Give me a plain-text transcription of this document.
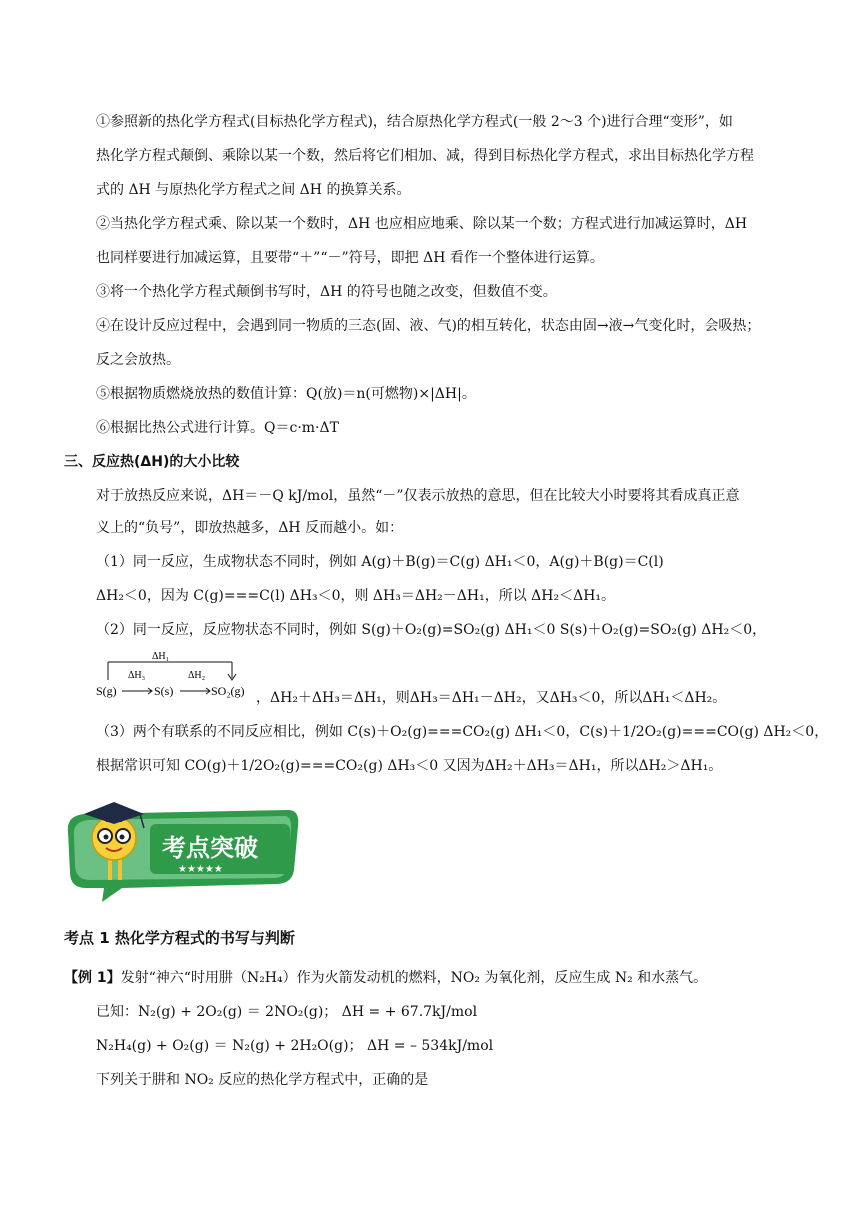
①参照新的热化学方程式(目标热化学方程式)，结合原热化学方程式(一般 2～3 个)进行合理“变形”，如
热化学方程式颠倒、乘除以某一个数，然后将它们相加、减，得到目标热化学方程式，求出目标热化学方程
式的 ΔH 与原热化学方程式之间 ΔH 的换算关系。
②当热化学方程式乘、除以某一个数时，ΔH 也应相应地乘、除以某一个数；方程式进行加减运算时，ΔH
也同样要进行加减运算，且要带“＋”“－”符号，即把 ΔH 看作一个整体进行运算。
③将一个热化学方程式颠倒书写时，ΔH 的符号也随之改变，但数值不变。
④在设计反应过程中，会遇到同一物质的三态(固、液、气)的相互转化，状态由固→液→气变化时，会吸热；
反之会放热。
⑤根据物质燃烧放热的数值计算：Q(放)＝n(可燃物)×|ΔH|。
⑥根据比热公式进行计算。Q＝c·m·ΔT
三、反应热(ΔH)的大小比较
对于放热反应来说，ΔH＝－Q kJ/mol，虽然“－”仅表示放热的意思，但在比较大小时要将其看成真正意
义上的“负号”，即放热越多，ΔH 反而越小。如：
（1）同一反应，生成物状态不同时，例如 A(g)＋B(g)＝C(g) ΔH₁＜0，A(g)＋B(g)＝C(l)
ΔH₂＜0，因为 C(g)===C(l) ΔH₃＜0，则 ΔH₃＝ΔH₂－ΔH₁，所以 ΔH₂＜ΔH₁。
（2）同一反应，反应物状态不同时，例如 S(g)＋O₂(g)=SO₂(g) ΔH₁＜0 S(s)＋O₂(g)=SO₂(g) ΔH₂＜0，
ΔH₁
ΔH₃	ΔH₂
S(g)	S(s)	SO₂(g) ，ΔH₂＋ΔH₃＝ΔH₁，则ΔH₃＝ΔH₁－ΔH₂，又ΔH₃＜0，所以ΔH₁＜ΔH₂。
（3）两个有联系的不同反应相比，例如 C(s)＋O₂(g)===CO₂(g) ΔH₁＜0，C(s)＋1/2O₂(g)===CO(g) ΔH₂＜0，
根据常识可知 CO(g)＋1/2O₂(g)===CO₂(g) ΔH₃＜0 又因为ΔH₂＋ΔH₃＝ΔH₁，所以ΔH₂＞ΔH₁。
考点突破
★★★★★
考点 1 热化学方程式的书写与判断
【例 1】发射“神六“时用肼（N₂H₄）作为火箭发动机的燃料，NO₂ 为氧化剂，反应生成 N₂ 和水蒸气。
已知：N₂(g) + 2O₂(g) ＝ 2NO₂(g)； ΔH = + 67.7kJ/mol
N₂H₄(g) + O₂(g) ＝ N₂(g) + 2H₂O(g)； ΔH = – 534kJ/mol
下列关于肼和 NO₂ 反应的热化学方程式中，正确的是
